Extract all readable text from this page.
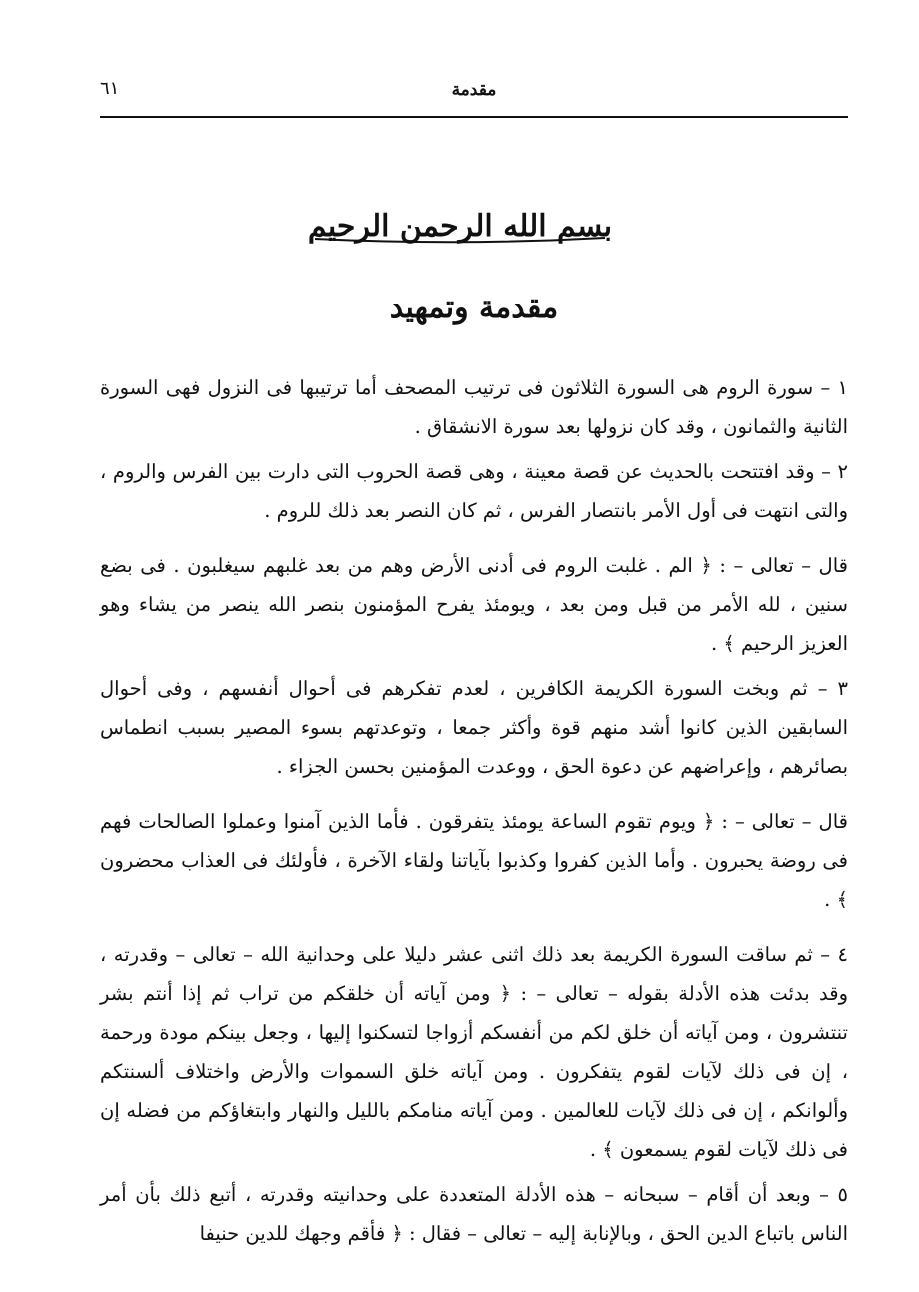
٦١	مقدمة
بسم الله الرحمن الرحيم
مقدمة وتمهيد

١ – سورة الروم هى السورة الثلاثون فى ترتيب المصحف أما ترتيبها فى النزول فهى السورة الثانية والثمانون ، وقد كان نزولها بعد سورة الانشقاق .

٢ – وقد افتتحت بالحديث عن قصة معينة ، وهى قصة الحروب التى دارت بين الفرس والروم ، والتى انتهت فى أول الأمر بانتصار الفرس ، ثم كان النصر بعد ذلك للروم .

قال – تعالى – : ﴿ الم . غلبت الروم فى أدنى الأرض وهم من بعد غلبهم سيغلبون . فى بضع سنين ، لله الأمر من قبل ومن بعد ، ويومئذ يفرح المؤمنون بنصر الله ينصر من يشاء وهو العزيز الرحيم ﴾ .

٣ – ثم وبخت السورة الكريمة الكافرين ، لعدم تفكرهم فى أحوال أنفسهم ، وفى أحوال السابقين الذين كانوا أشد منهم قوة وأكثر جمعا ، وتوعدتهم بسوء المصير بسبب انطماس بصائرهم ، وإعراضهم عن دعوة الحق ، ووعدت المؤمنين بحسن الجزاء .

قال – تعالى – : ﴿ ويوم تقوم الساعة يومئذ يتفرقون . فأما الذين آمنوا وعملوا الصالحات فهم فى روضة يحبرون . وأما الذين كفروا وكذبوا بآياتنا ولقاء الآخرة ، فأولئك فى العذاب محضرون ﴾ .

٤ – ثم ساقت السورة الكريمة بعد ذلك اثنى عشر دليلا على وحدانية الله – تعالى – وقدرته ، وقد بدئت هذه الأدلة بقوله – تعالى – : ﴿ ومن آياته أن خلقكم من تراب ثم إذا أنتم بشر تنتشرون ، ومن آياته أن خلق لكم من أنفسكم أزواجا لتسكنوا إليها ، وجعل بينكم مودة ورحمة ، إن فى ذلك لآيات لقوم يتفكرون . ومن آياته خلق السموات والأرض واختلاف ألسنتكم وألوانكم ، إن فى ذلك لآيات للعالمين . ومن آياته منامكم بالليل والنهار وابتغاؤكم من فضله إن فى ذلك لآيات لقوم يسمعون ﴾ .

٥ – وبعد أن أقام – سبحانه – هذه الأدلة المتعددة على وحدانيته وقدرته ، أتبع ذلك بأن أمر الناس باتباع الدين الحق ، وبالإنابة إليه – تعالى – فقال : ﴿ فأقم وجهك للدين حنيفا
